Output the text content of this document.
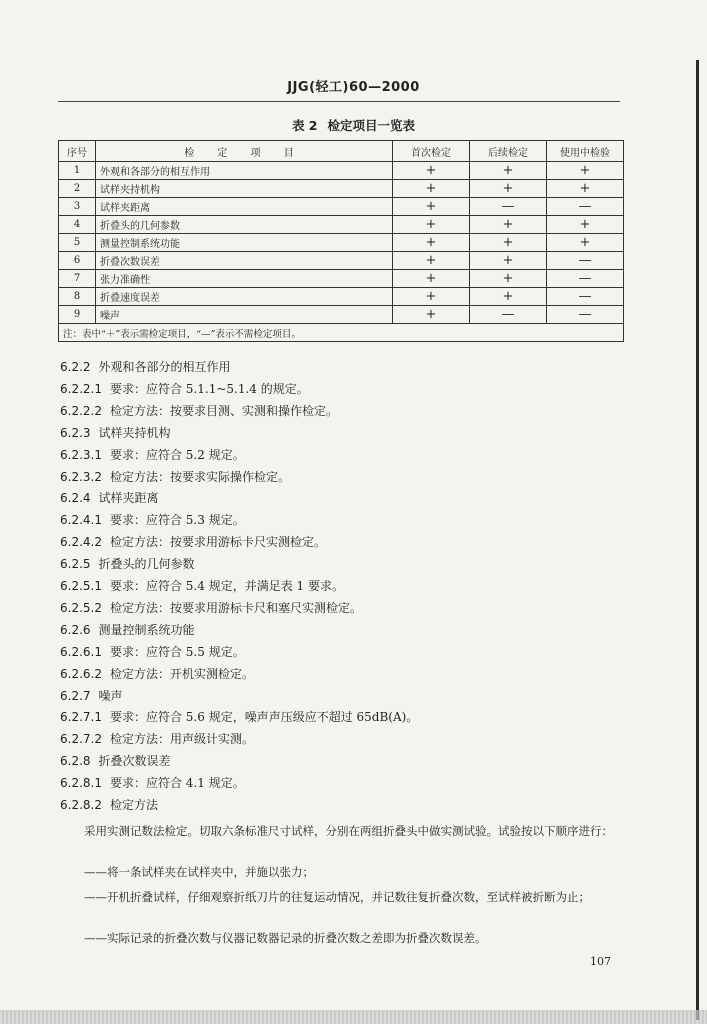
JJG(轻工)60—2000
表 2 检定项目一览表
序号	检 定 项 目	首次检定	后续检定	使用中检验
1	外观和各部分的相互作用	+	+	+
2	试样夹持机构	+	+	+
3	试样夹距离	+	—	—
4	折叠头的几何参数	+	+	+
5	测量控制系统功能	+	+	+
6	折叠次数误差	+	+	—
7	张力准确性	+	+	—
8	折叠速度误差	+	+	—
9	噪声	+	—	—
注：表中“＋”表示需检定项目，“—”表示不需检定项目。				
6.2.2 外观和各部分的相互作用
6.2.2.1 要求：应符合 5.1.1~5.1.4 的规定。
6.2.2.2 检定方法：按要求目测、实测和操作检定。
6.2.3 试样夹持机构
6.2.3.1 要求：应符合 5.2 规定。
6.2.3.2 检定方法：按要求实际操作检定。
6.2.4 试样夹距离
6.2.4.1 要求：应符合 5.3 规定。
6.2.4.2 检定方法：按要求用游标卡尺实测检定。
6.2.5 折叠头的几何参数
6.2.5.1 要求：应符合 5.4 规定，并满足表 1 要求。
6.2.5.2 检定方法：按要求用游标卡尺和塞尺实测检定。
6.2.6 测量控制系统功能
6.2.6.1 要求：应符合 5.5 规定。
6.2.6.2 检定方法：开机实测检定。
6.2.7 噪声
6.2.7.1 要求：应符合 5.6 规定，噪声声压级应不超过 65dB(A)。
6.2.7.2 检定方法：用声级计实测。
6.2.8 折叠次数误差
6.2.8.1 要求：应符合 4.1 规定。
6.2.8.2 检定方法
采用实测记数法检定。切取六条标准尺寸试样，分别在两组折叠头中做实测试验。试验按以下顺序进行：
——将一条试样夹在试样夹中，并施以张力；
——开机折叠试样，仔细观察折纸刀片的往复运动情况，并记数往复折叠次数，至试样被折断为止；
——实际记录的折叠次数与仪器记数器记录的折叠次数之差即为折叠次数误差。
107
